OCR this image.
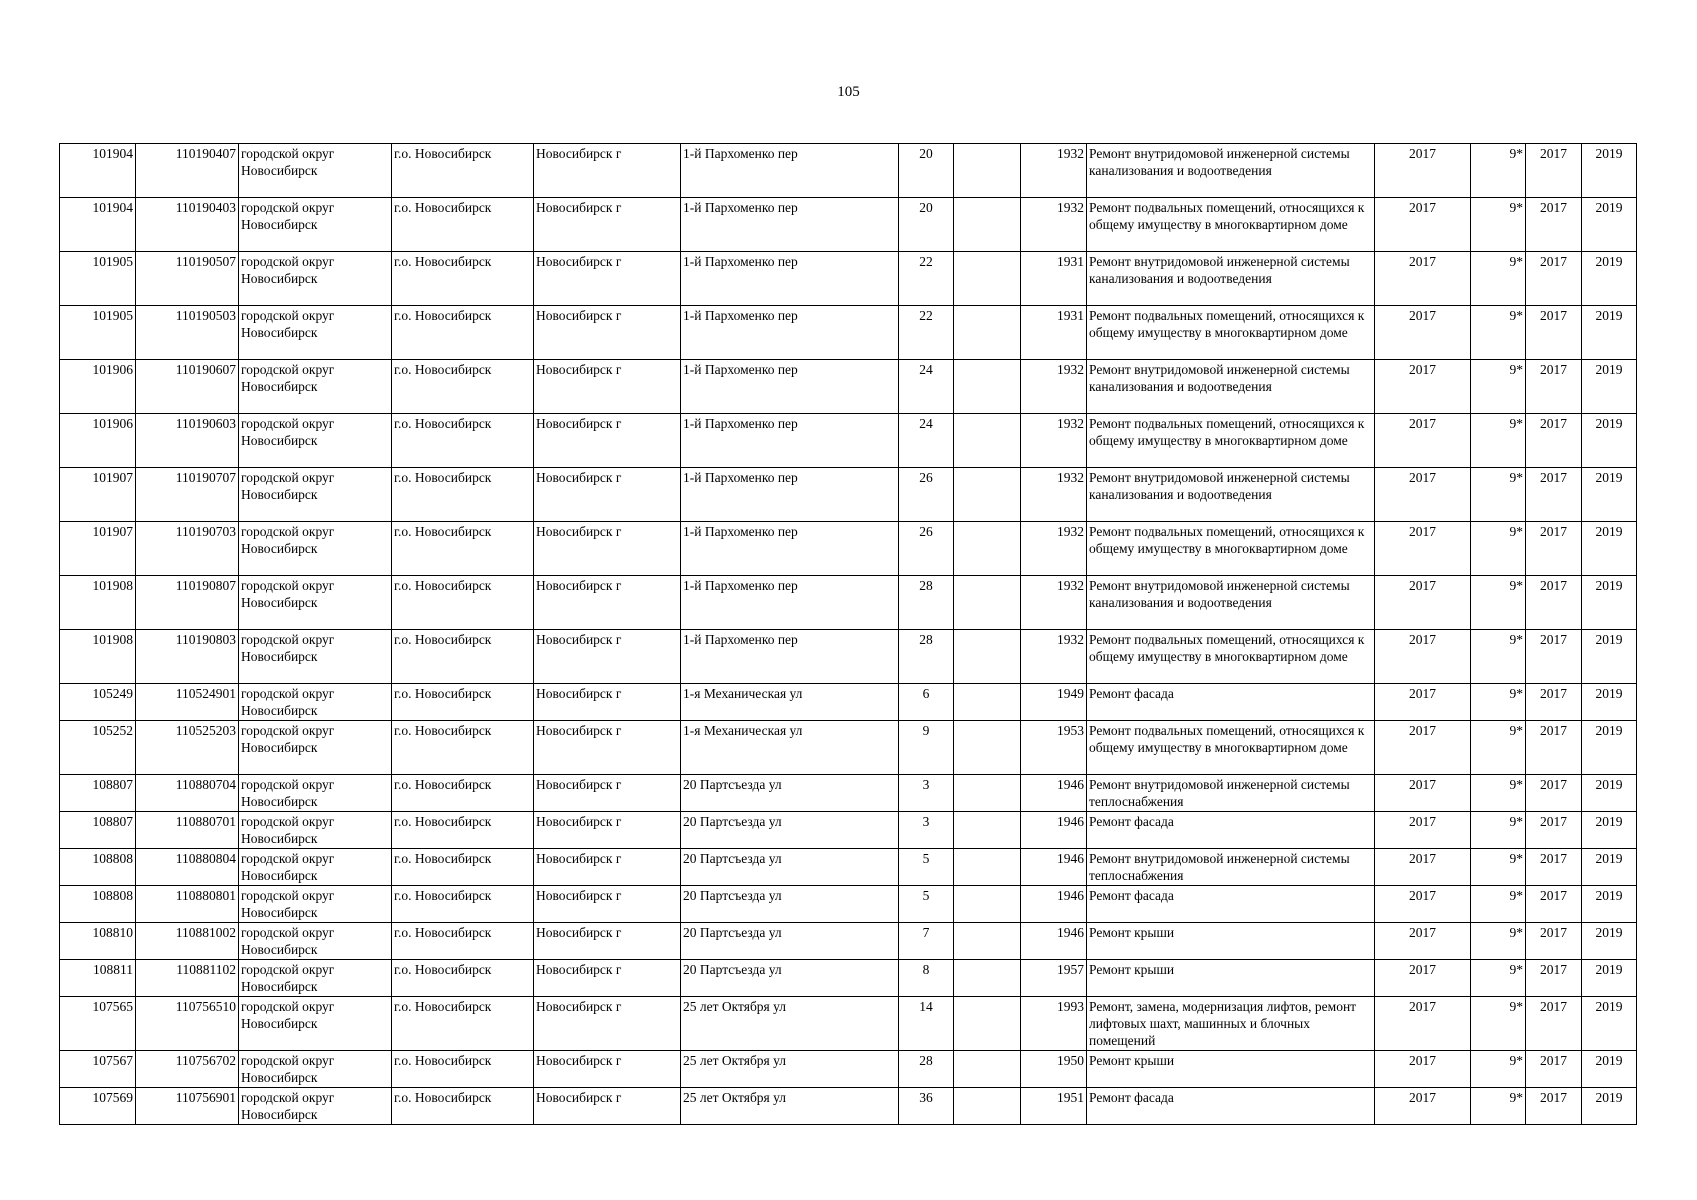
105
101904	110190407	городской округ Новосибирск	г.о. Новосибирск	Новосибирск г	1-й Пархоменко пер	20		1932	Ремонт внутридомовой инженерной системы канализования и водоотведения	2017	9*	2017	2019
101904	110190403	городской округ Новосибирск	г.о. Новосибирск	Новосибирск г	1-й Пархоменко пер	20		1932	Ремонт подвальных помещений, относящихся к общему имуществу в многоквартирном доме	2017	9*	2017	2019
101905	110190507	городской округ Новосибирск	г.о. Новосибирск	Новосибирск г	1-й Пархоменко пер	22		1931	Ремонт внутридомовой инженерной системы канализования и водоотведения	2017	9*	2017	2019
101905	110190503	городской округ Новосибирск	г.о. Новосибирск	Новосибирск г	1-й Пархоменко пер	22		1931	Ремонт подвальных помещений, относящихся к общему имуществу в многоквартирном доме	2017	9*	2017	2019
101906	110190607	городской округ Новосибирск	г.о. Новосибирск	Новосибирск г	1-й Пархоменко пер	24		1932	Ремонт внутридомовой инженерной системы канализования и водоотведения	2017	9*	2017	2019
101906	110190603	городской округ Новосибирск	г.о. Новосибирск	Новосибирск г	1-й Пархоменко пер	24		1932	Ремонт подвальных помещений, относящихся к общему имуществу в многоквартирном доме	2017	9*	2017	2019
101907	110190707	городской округ Новосибирск	г.о. Новосибирск	Новосибирск г	1-й Пархоменко пер	26		1932	Ремонт внутридомовой инженерной системы канализования и водоотведения	2017	9*	2017	2019
101907	110190703	городской округ Новосибирск	г.о. Новосибирск	Новосибирск г	1-й Пархоменко пер	26		1932	Ремонт подвальных помещений, относящихся к общему имуществу в многоквартирном доме	2017	9*	2017	2019
101908	110190807	городской округ Новосибирск	г.о. Новосибирск	Новосибирск г	1-й Пархоменко пер	28		1932	Ремонт внутридомовой инженерной системы канализования и водоотведения	2017	9*	2017	2019
101908	110190803	городской округ Новосибирск	г.о. Новосибирск	Новосибирск г	1-й Пархоменко пер	28		1932	Ремонт подвальных помещений, относящихся к общему имуществу в многоквартирном доме	2017	9*	2017	2019
105249	110524901	городской округ Новосибирск	г.о. Новосибирск	Новосибирск г	1-я Механическая ул	6		1949	Ремонт фасада	2017	9*	2017	2019
105252	110525203	городской округ Новосибирск	г.о. Новосибирск	Новосибирск г	1-я Механическая ул	9		1953	Ремонт подвальных помещений, относящихся к общему имуществу в многоквартирном доме	2017	9*	2017	2019
108807	110880704	городской округ Новосибирск	г.о. Новосибирск	Новосибирск г	20 Партсъезда ул	3		1946	Ремонт внутридомовой инженерной системы теплоснабжения	2017	9*	2017	2019
108807	110880701	городской округ Новосибирск	г.о. Новосибирск	Новосибирск г	20 Партсъезда ул	3		1946	Ремонт фасада	2017	9*	2017	2019
108808	110880804	городской округ Новосибирск	г.о. Новосибирск	Новосибирск г	20 Партсъезда ул	5		1946	Ремонт внутридомовой инженерной системы теплоснабжения	2017	9*	2017	2019
108808	110880801	городской округ Новосибирск	г.о. Новосибирск	Новосибирск г	20 Партсъезда ул	5		1946	Ремонт фасада	2017	9*	2017	2019
108810	110881002	городской округ Новосибирск	г.о. Новосибирск	Новосибирск г	20 Партсъезда ул	7		1946	Ремонт крыши	2017	9*	2017	2019
108811	110881102	городской округ Новосибирск	г.о. Новосибирск	Новосибирск г	20 Партсъезда ул	8		1957	Ремонт крыши	2017	9*	2017	2019
107565	110756510	городской округ Новосибирск	г.о. Новосибирск	Новосибирск г	25 лет Октября ул	14		1993	Ремонт, замена, модернизация лифтов, ремонт лифтовых шахт, машинных и блочных помещений	2017	9*	2017	2019
107567	110756702	городской округ Новосибирск	г.о. Новосибирск	Новосибирск г	25 лет Октября ул	28		1950	Ремонт крыши	2017	9*	2017	2019
107569	110756901	городской округ Новосибирск	г.о. Новосибирск	Новосибирск г	25 лет Октября ул	36		1951	Ремонт фасада	2017	9*	2017	2019
